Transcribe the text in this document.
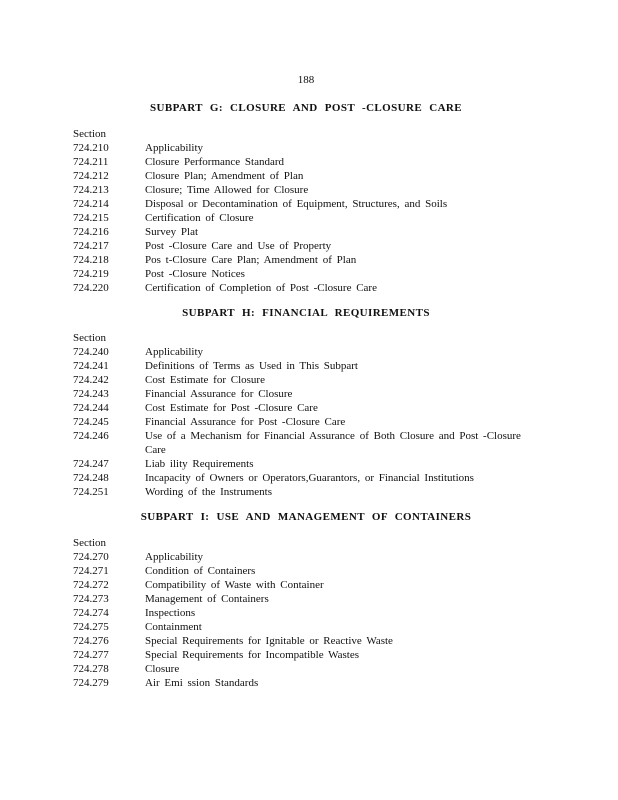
188
SUBPART G: CLOSURE AND POST -CLOSURE CARE
Section
724.210	Applicability
724.211	Closure Performance Standard
724.212	Closure Plan; Amendment of Plan
724.213	Closure; Time Allowed for Closure
724.214	Disposal or Decontamination of Equipment, Structures, and Soils
724.215	Certification of Closure
724.216	Survey Plat
724.217	Post -Closure Care and Use of Property
724.218	Pos t-Closure Care Plan; Amendment of Plan
724.219	Post -Closure Notices
724.220	Certification of Completion of Post -Closure Care
SUBPART H: FINANCIAL REQUIREMENTS
Section
724.240	Applicability
724.241	Definitions of Terms as Used in This Subpart
724.242	Cost Estimate for Closure
724.243	Financial Assurance for Closure
724.244	Cost Estimate for Post -Closure Care
724.245	Financial Assurance for Post -Closure Care
724.246	Use of a Mechanism for Financial Assurance of Both Closure and Post -Closure Care
724.247	Liab ility Requirements
724.248	Incapacity of Owners or Operators,Guarantors, or Financial Institutions
724.251	Wording of the Instruments
SUBPART I: USE AND MANAGEMENT OF CONTAINERS
Section
724.270	Applicability
724.271	Condition of Containers
724.272	Compatibility of Waste with Container
724.273	Management of Containers
724.274	Inspections
724.275	Containment
724.276	Special Requirements for Ignitable or Reactive Waste
724.277	Special Requirements for Incompatible Wastes
724.278	Closure
724.279	Air Emi ssion Standards
